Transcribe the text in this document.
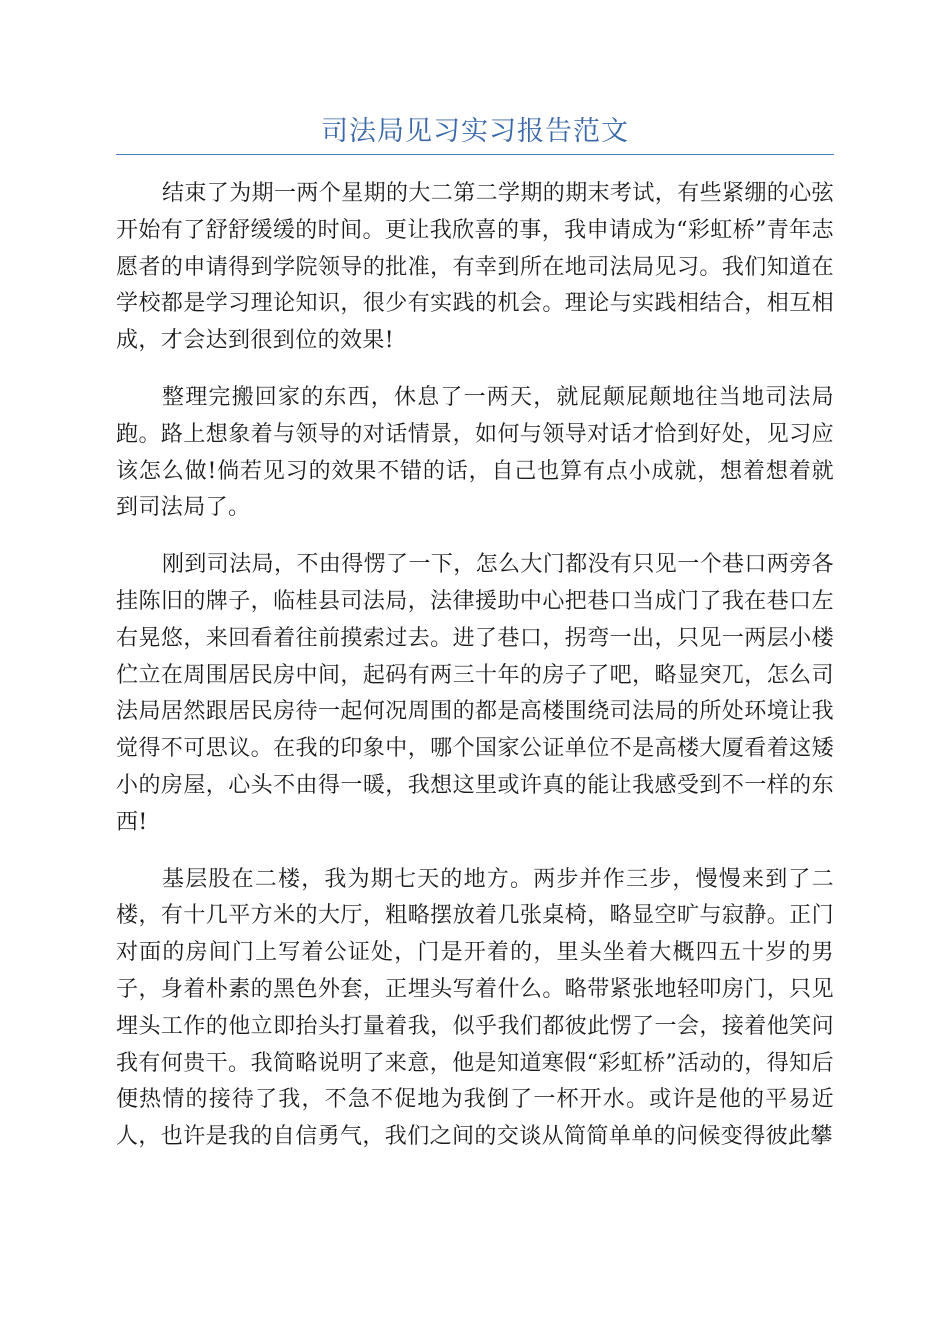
司法局见习实习报告范文

结束了为期一两个星期的大二第二学期的期末考试，有些紧绷的心弦开始有了舒舒缓缓的时间。更让我欣喜的事，我申请成为“彩虹桥”青年志愿者的申请得到学院领导的批准，有幸到所在地司法局见习。我们知道在学校都是学习理论知识，很少有实践的机会。理论与实践相结合，相互相成，才会达到很到位的效果!

整理完搬回家的东西，休息了一两天，就屁颠屁颠地往当地司法局跑。路上想象着与领导的对话情景，如何与领导对话才恰到好处，见习应该怎么做!倘若见习的效果不错的话，自己也算有点小成就，想着想着就到司法局了。

刚到司法局，不由得愣了一下，怎么大门都没有只见一个巷口两旁各挂陈旧的牌子，临桂县司法局，法律援助中心把巷口当成门了我在巷口左右晃悠，来回看着往前摸索过去。进了巷口，拐弯一出，只见一两层小楼伫立在周围居民房中间，起码有两三十年的房子了吧，略显突兀，怎么司法局居然跟居民房待一起何况周围的都是高楼围绕司法局的所处环境让我觉得不可思议。在我的印象中，哪个国家公证单位不是高楼大厦看着这矮小的房屋，心头不由得一暖，我想这里或许真的能让我感受到不一样的东西!

基层股在二楼，我为期七天的地方。两步并作三步，慢慢来到了二楼，有十几平方米的大厅，粗略摆放着几张桌椅，略显空旷与寂静。正门对面的房间门上写着公证处，门是开着的，里头坐着大概四五十岁的男子，身着朴素的黑色外套，正埋头写着什么。略带紧张地轻叩房门，只见埋头工作的他立即抬头打量着我，似乎我们都彼此愣了一会，接着他笑问我有何贵干。我简略说明了来意，他是知道寒假“彩虹桥”活动的，得知后便热情的接待了我，不急不促地为我倒了一杯开水。或许是他的平易近人，也许是我的自信勇气，我们之间的交谈从简简单单的问候变得彼此攀
